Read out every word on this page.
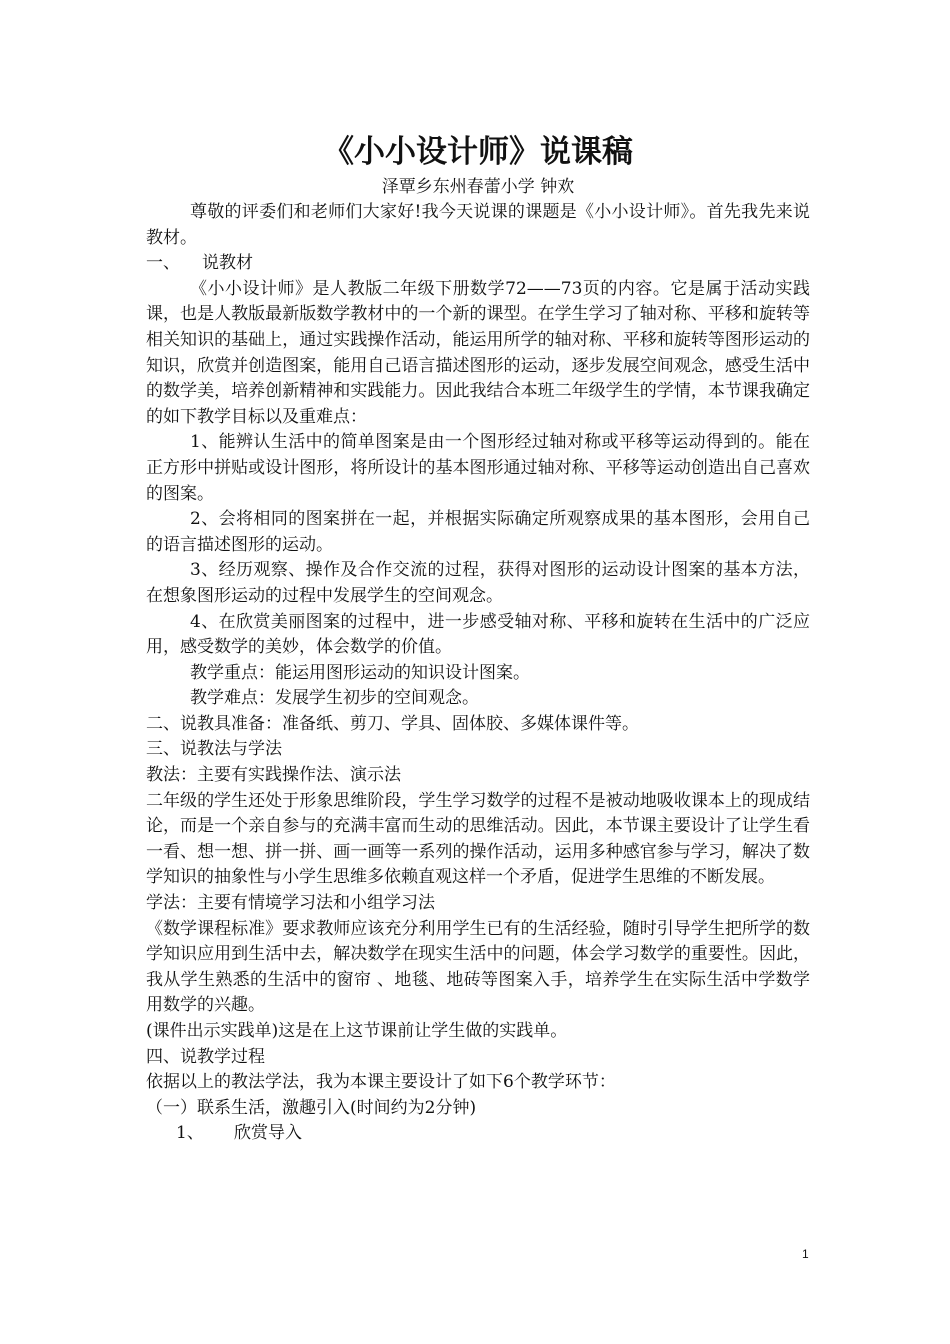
《小小设计师》说课稿
泽覃乡东州春蕾小学 钟欢

尊敬的评委们和老师们大家好!我今天说课的课题是《小小设计师》。首先我先来说教材。

一、 说教材

《小小设计师》是人教版二年级下册数学72——73页的内容。它是属于活动实践课，也是人教版最新版数学教材中的一个新的课型。在学生学习了轴对称、平移和旋转等相关知识的基础上，通过实践操作活动，能运用所学的轴对称、平移和旋转等图形运动的知识，欣赏并创造图案，能用自己语言描述图形的运动，逐步发展空间观念，感受生活中的数学美，培养创新精神和实践能力。因此我结合本班二年级学生的学情，本节课我确定的如下教学目标以及重难点：

1、能辨认生活中的简单图案是由一个图形经过轴对称或平移等运动得到的。能在正方形中拼贴或设计图形，将所设计的基本图形通过轴对称、平移等运动创造出自己喜欢的图案。

2、会将相同的图案拼在一起，并根据实际确定所观察成果的基本图形，会用自己的语言描述图形的运动。

3、经历观察、操作及合作交流的过程，获得对图形的运动设计图案的基本方法，在想象图形运动的过程中发展学生的空间观念。

4、在欣赏美丽图案的过程中，进一步感受轴对称、平移和旋转在生活中的广泛应用，感受数学的美妙，体会数学的价值。

教学重点：能运用图形运动的知识设计图案。

教学难点：发展学生初步的空间观念。

二、说教具准备：准备纸、剪刀、学具、固体胶、多媒体课件等。

三、说教法与学法

教法：主要有实践操作法、演示法

二年级的学生还处于形象思维阶段，学生学习数学的过程不是被动地吸收课本上的现成结论，而是一个亲自参与的充满丰富而生动的思维活动。因此，本节课主要设计了让学生看一看、想一想、拼一拼、画一画等一系列的操作活动，运用多种感官参与学习，解决了数学知识的抽象性与小学生思维多依赖直观这样一个矛盾，促进学生思维的不断发展。

学法：主要有情境学习法和小组学习法

《数学课程标准》要求教师应该充分利用学生已有的生活经验，随时引导学生把所学的数学知识应用到生活中去，解决数学在现实生活中的问题，体会学习数学的重要性。因此，我从学生熟悉的生活中的窗帘 、地毯、地砖等图案入手，培养学生在实际生活中学数学用数学的兴趣。

(课件出示实践单)这是在上这节课前让学生做的实践单。

四、说教学过程

依据以上的教法学法，我为本课主要设计了如下6个教学环节：

（一）联系生活，激趣引入(时间约为2分钟)

1、 欣赏导入

1
